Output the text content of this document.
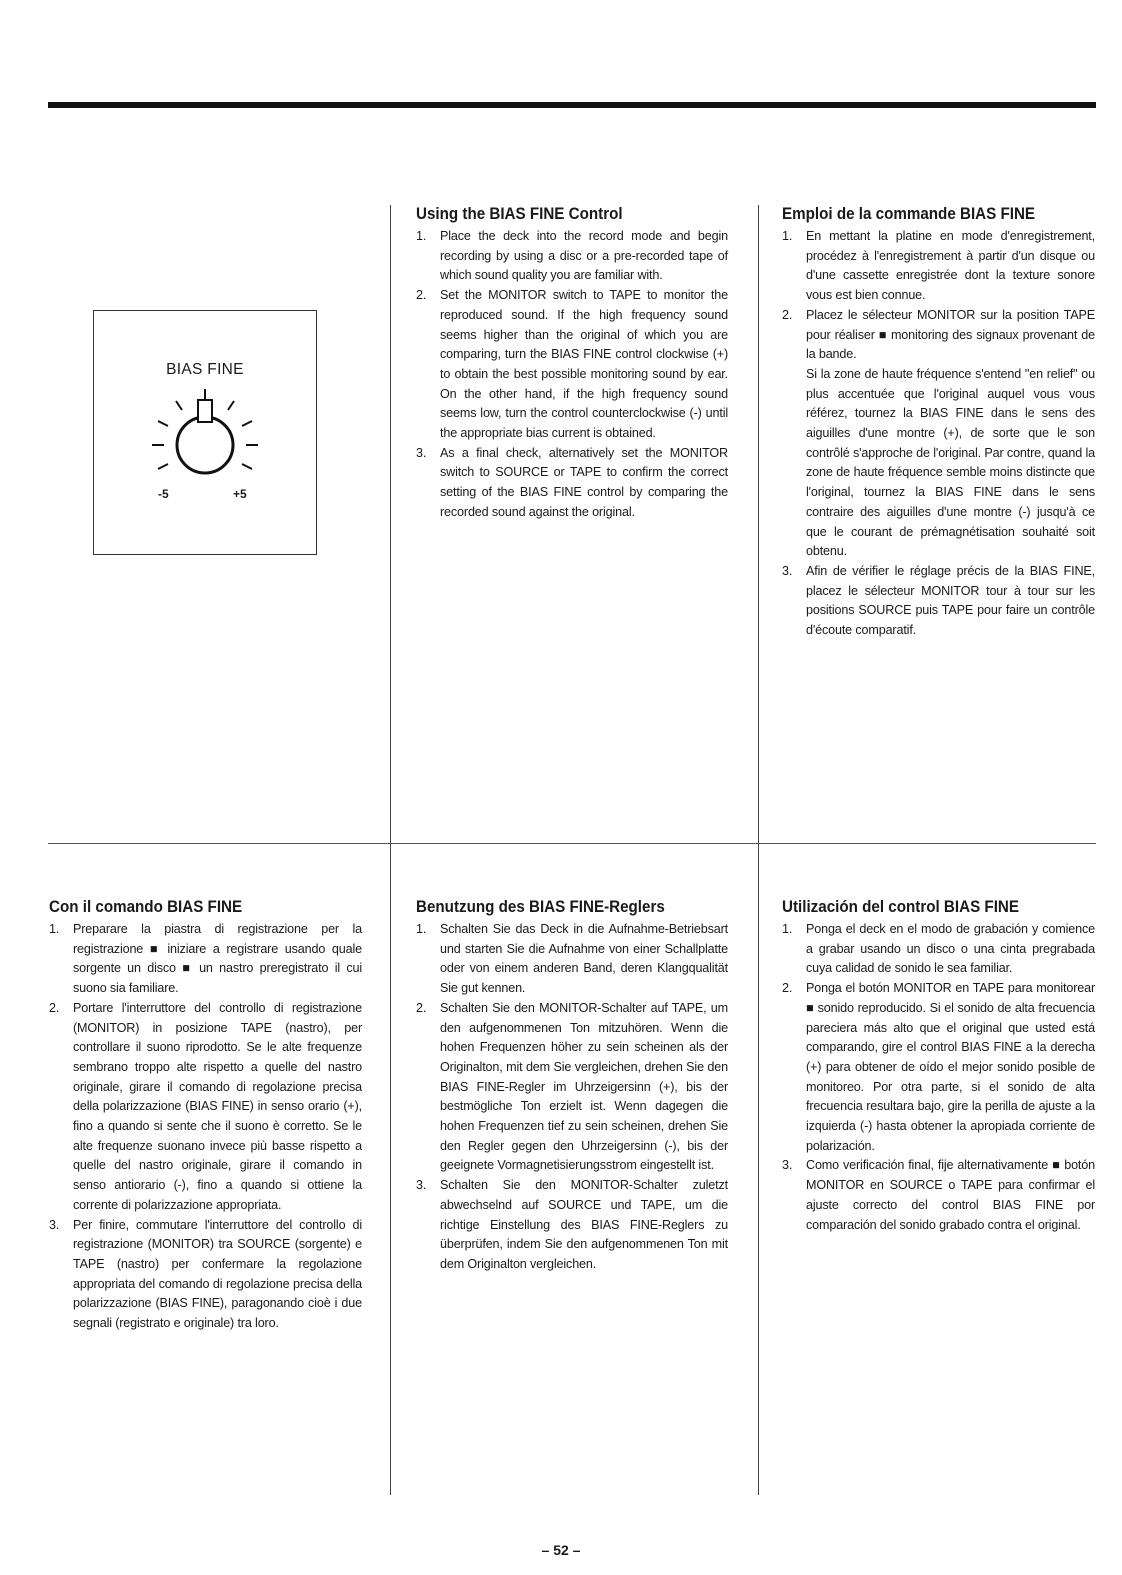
BIAS FINE
-5	+5
Using the BIAS FINE Control
1. Place the deck into the record mode and begin recording by using a disc or a pre-recorded tape of which sound quality you are familiar with.
2. Set the MONITOR switch to TAPE to monitor the reproduced sound. If the high frequency sound seems higher than the original of which you are comparing, turn the BIAS FINE control clockwise (+) to obtain the best possible monitoring sound by ear. On the other hand, if the high frequency sound seems low, turn the control counterclockwise (-) until the appropriate bias current is obtained.
3. As a final check, alternatively set the MONITOR switch to SOURCE or TAPE to confirm the correct setting of the BIAS FINE control by comparing the recorded sound against the original.
Emploi de la commande BIAS FINE
1. En mettant la platine en mode d'enregistrement, procédez à l'enregistrement à partir d'un disque ou d'une cassette enregistrée dont la texture sonore vous est bien connue.
2. Placez le sélecteur MONITOR sur la position TAPE pour réaliser ■ monitoring des signaux provenant de la bande.
Si la zone de haute fréquence s'entend "en relief" ou plus accentuée que l'original auquel vous vous référez, tournez la BIAS FINE dans le sens des aiguilles d'une montre (+), de sorte que le son contrôlé s'approche de l'original. Par contre, quand la zone de haute fréquence semble moins distincte que l'original, tournez la BIAS FINE dans le sens contraire des aiguilles d'une montre (-) jusqu'à ce que le courant de prémagnétisation souhaité soit obtenu.
3. Afin de vérifier le réglage précis de la BIAS FINE, placez le sélecteur MONITOR tour à tour sur les positions SOURCE puis TAPE pour faire un contrôle d'écoute comparatif.
Con il comando BIAS FINE
1. Preparare la piastra di registrazione per la registrazione ■ iniziare a registrare usando quale sorgente un disco ■ un nastro preregistrato il cui suono sia familiare.
2. Portare l'interruttore del controllo di registrazione (MONITOR) in posizione TAPE (nastro), per controllare il suono riprodotto. Se le alte frequenze sembrano troppo alte rispetto a quelle del nastro originale, girare il comando di regolazione precisa della polarizzazione (BIAS FINE) in senso orario (+), fino a quando si sente che il suono è corretto. Se le alte frequenze suonano invece più basse rispetto a quelle del nastro originale, girare il comando in senso antiorario (-), fino a quando si ottiene la corrente di polarizzazione appropriata.
3. Per finire, commutare l'interruttore del controllo di registrazione (MONITOR) tra SOURCE (sorgente) e TAPE (nastro) per confermare la regolazione appropriata del comando di regolazione precisa della polarizzazione (BIAS FINE), paragonando cioè i due segnali (registrato e originale) tra loro.
Benutzung des BIAS FINE-Reglers
1. Schalten Sie das Deck in die Aufnahme-Betriebsart und starten Sie die Aufnahme von einer Schallplatte oder von einem anderen Band, deren Klangqualität Sie gut kennen.
2. Schalten Sie den MONITOR-Schalter auf TAPE, um den aufgenommenen Ton mitzuhören. Wenn die hohen Frequenzen höher zu sein scheinen als der Originalton, mit dem Sie vergleichen, drehen Sie den BIAS FINE-Regler im Uhrzeigersinn (+), bis der bestmögliche Ton erzielt ist. Wenn dagegen die hohen Frequenzen tief zu sein scheinen, drehen Sie den Regler gegen den Uhrzeigersinn (-), bis der geeignete Vormagnetisierungsstrom eingestellt ist.
3. Schalten Sie den MONITOR-Schalter zuletzt abwechselnd auf SOURCE und TAPE, um die richtige Einstellung des BIAS FINE-Reglers zu überprüfen, indem Sie den aufgenommenen Ton mit dem Originalton vergleichen.
Utilización del control BIAS FINE
1. Ponga el deck en el modo de grabación y comience a grabar usando un disco o una cinta pregrabada cuya calidad de sonido le sea familiar.
2. Ponga el botón MONITOR en TAPE para monitorear ■ sonido reproducido. Si el sonido de alta frecuencia pareciera más alto que el original que usted está comparando, gire el control BIAS FINE a la derecha (+) para obtener de oído el mejor sonido posible de monitoreo. Por otra parte, si el sonido de alta frecuencia resultara bajo, gire la perilla de ajuste a la izquierda (-) hasta obtener la apropiada corriente de polarización.
3. Como verificación final, fije alternativamente ■ botón MONITOR en SOURCE o TAPE para confirmar el ajuste correcto del control BIAS FINE por comparación del sonido grabado contra el original.
– 52 –
